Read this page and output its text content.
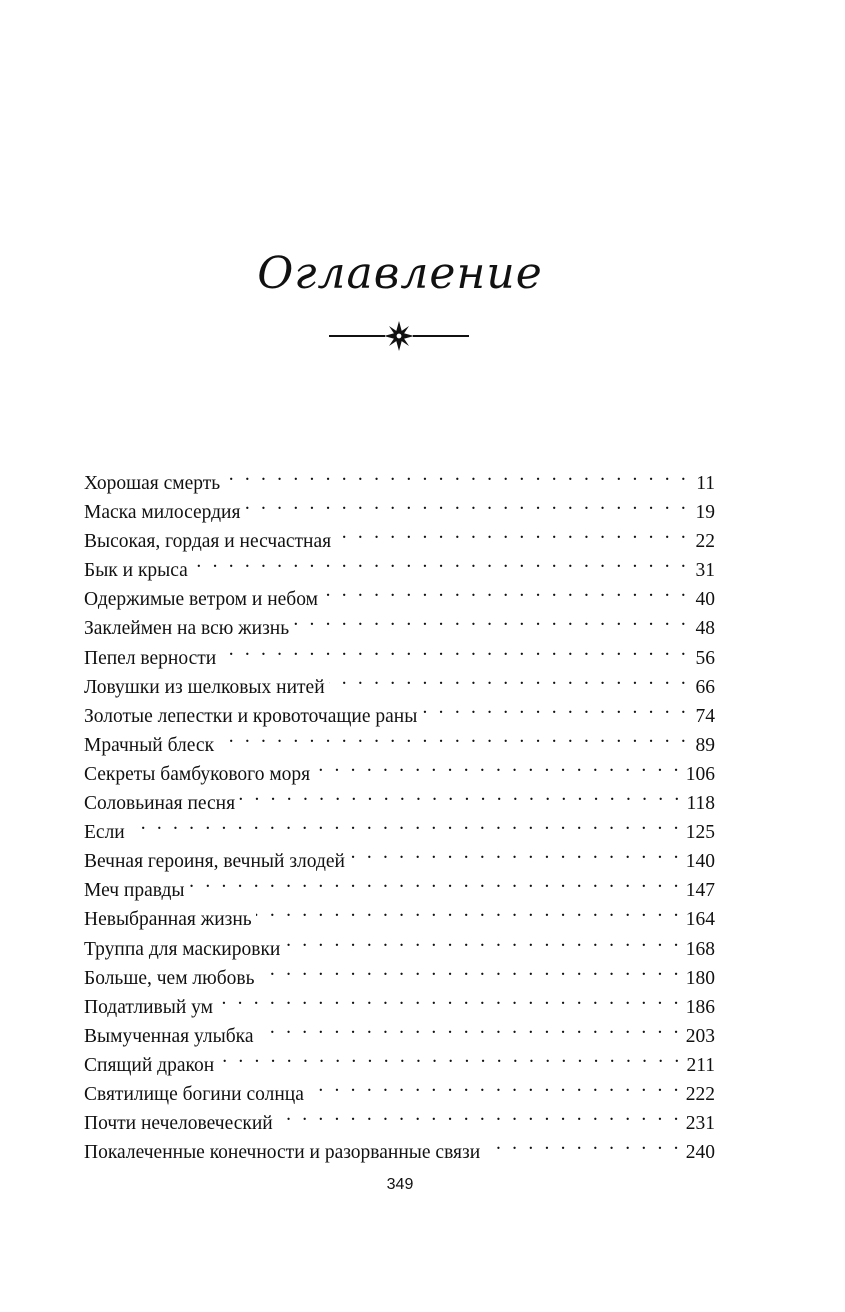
Оглавление
Хорошая смерть . . .	11
Маска милосердия . . .	19
Высокая, гордая и несчастная . . .	22
Бык и крыса . . .	31
Одержимые ветром и небом . . .	40
Заклеймен на всю жизнь . . .	48
Пепел верности . . .	56
Ловушки из шелковых нитей . . .	66
Золотые лепестки и кровоточащие раны . . .	74
Мрачный блеск . . .	89
Секреты бамбукового моря . . .	106
Соловьиная песня . . .	118
Если . . .	125
Вечная героиня, вечный злодей . . .	140
Меч правды . . .	147
Невыбранная жизнь . . .	164
Труппа для маскировки . . .	168
Больше, чем любовь . . .	180
Податливый ум . . .	186
Вымученная улыбка . . .	203
Спящий дракон . . .	211
Святилище богини солнца . . .	222
Почти нечеловеческий . . .	231
Покалеченные конечности и разорванные связи . . .	240
349
